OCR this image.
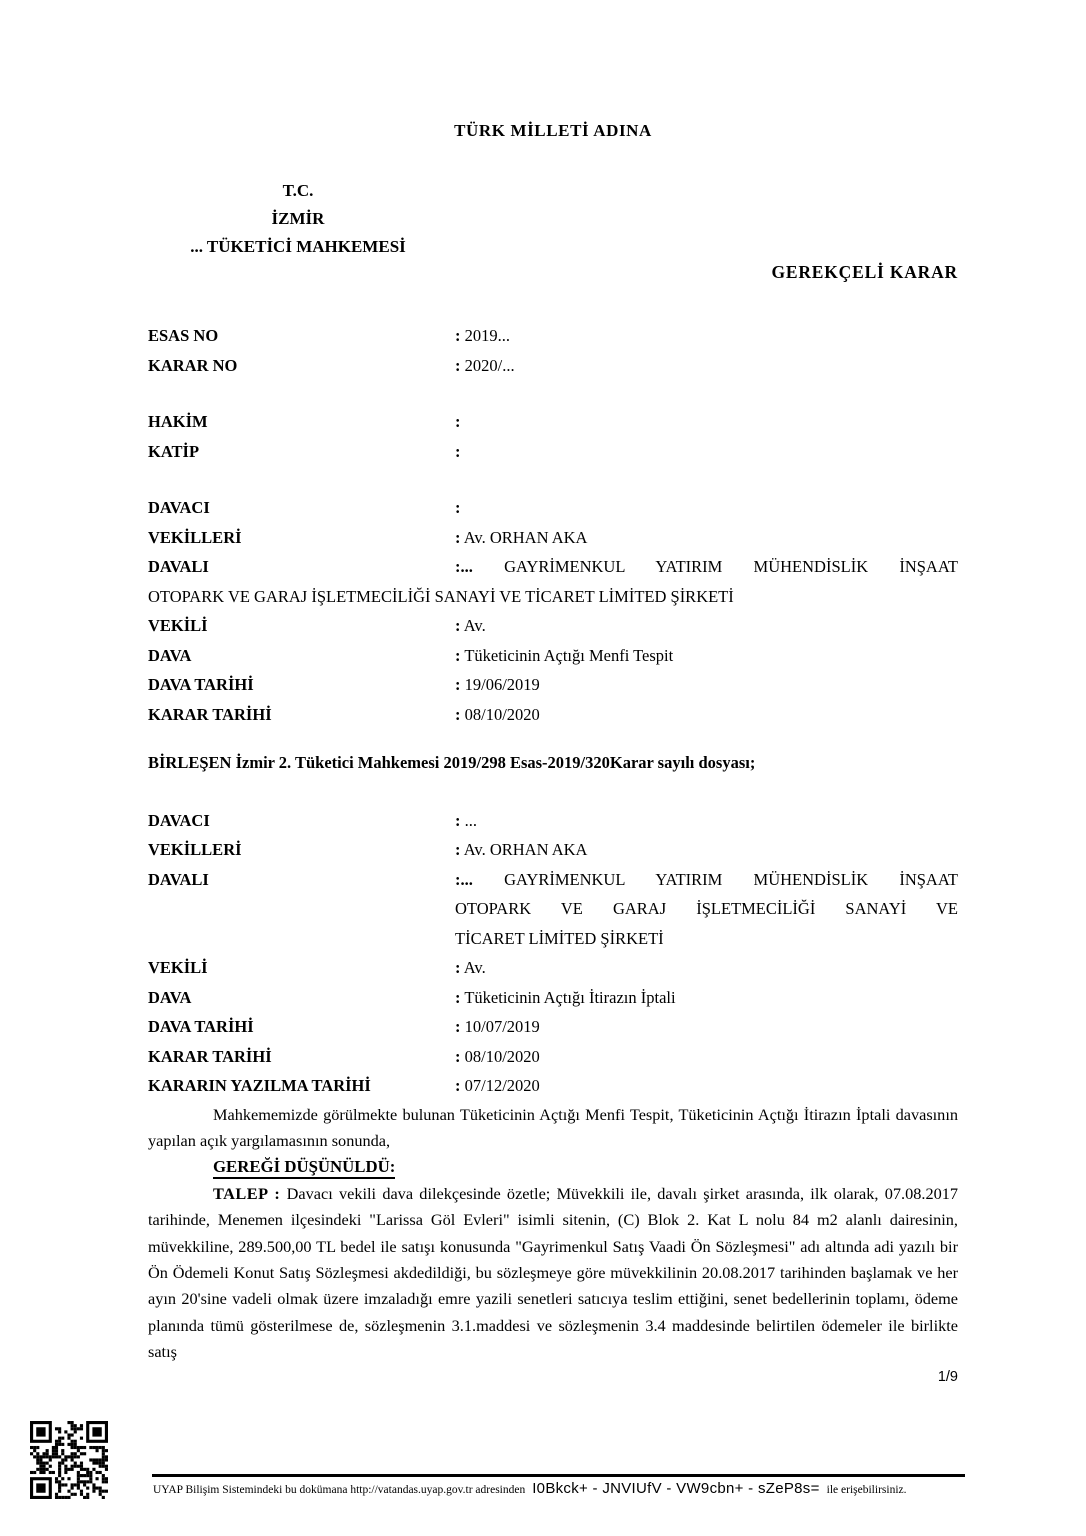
TÜRK MİLLETİ ADINA
T.C.
İZMİR
... TÜKETİCİ MAHKEMESİ
GEREKÇELİ KARAR
ESAS NO	: 2019...
KARAR NO	: 2020/...
HAKİM	:
KATİP	:
DAVACI	:
VEKİLLERİ	: Av. ORHAN AKA
DAVALI	:... GAYRİMENKUL YATIRIM MÜHENDİSLİK İNŞAAT
OTOPARK VE GARAJ İŞLETMECİLİĞİ SANAYİ VE TİCARET LİMİTED ŞİRKETİ
VEKİLİ	: Av.
DAVA	: Tüketicinin Açtığı Menfi Tespit
DAVA TARİHİ	: 19/06/2019
KARAR TARİHİ	: 08/10/2020
BİRLEŞEN İzmir 2. Tüketici Mahkemesi 2019/298 Esas-2019/320Karar sayılı dosyası;
DAVACI	: ...
VEKİLLERİ	: Av. ORHAN AKA
DAVALI	:... GAYRİMENKUL YATIRIM MÜHENDİSLİK İNŞAAT
OTOPARK VE GARAJ İŞLETMECİLİĞİ SANAYİ VE
TİCARET LİMİTED ŞİRKETİ
VEKİLİ	: Av.
DAVA	: Tüketicinin Açtığı İtirazın İptali
DAVA TARİHİ	: 10/07/2019
KARAR TARİHİ	: 08/10/2020
KARARIN YAZILMA TARİHİ	: 07/12/2020

Mahkememizde görülmekte bulunan Tüketicinin Açtığı Menfi Tespit, Tüketicinin Açtığı İtirazın İptali davasının yapılan açık yargılamasının sonunda,

GEREĞİ DÜŞÜNÜLDÜ:

TALEP : Davacı vekili dava dilekçesinde özetle; Müvekkili ile, davalı şirket arasında, ilk olarak, 07.08.2017 tarihinde, Menemen ilçesindeki "Larissa Göl Evleri" isimli sitenin, (C) Blok 2. Kat L nolu 84 m2 alanlı dairesinin, müvekkiline, 289.500,00 TL bedel ile satışı konusunda "Gayrimenkul Satış Vaadi Ön Sözleşmesi" adı altında adi yazılı bir Ön Ödemeli Konut Satış Sözleşmesi akdedildiği, bu sözleşmeye göre müvekkilinin 20.08.2017 tarihinden başlamak ve her ayın 20'sine vadeli olmak üzere imzaladığı emre yazili senetleri satıcıya teslim ettiğini, senet bedellerinin toplamı, ödeme planında tümü gösterilmese de, sözleşmenin 3.1.maddesi ve sözleşmenin 3.4 maddesinde belirtilen ödemeler ile birlikte satış

1/9
UYAP Bilişim Sistemindeki bu dokümana http://vatandas.uyap.gov.tr adresinden I0Bkck+ - JNVIUfV - VW9cbn+ - sZeP8s= ile erişebilirsiniz.
